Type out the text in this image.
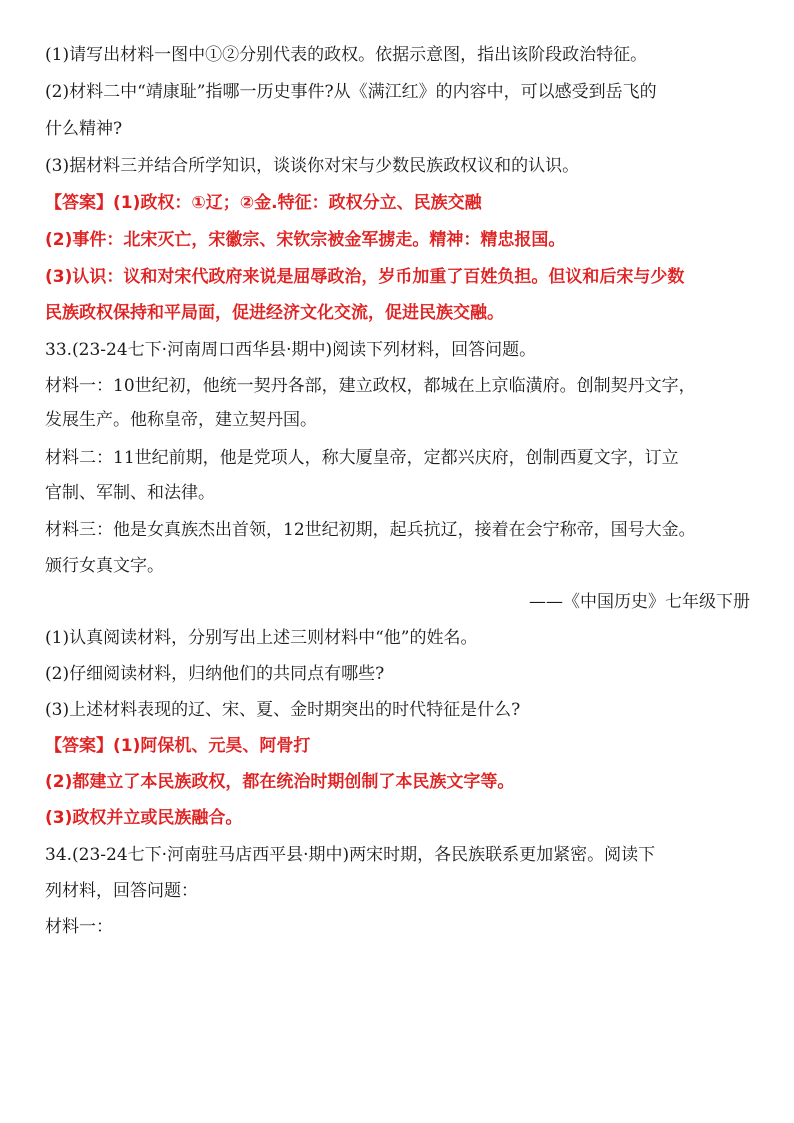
(1)请写出材料一图中①②分别代表的政权。依据示意图，指出该阶段政治特征。
(2)材料二中“靖康耻”指哪一历史事件?从《满江红》的内容中，可以感受到岳飞的
什么精神?
(3)据材料三并结合所学知识，谈谈你对宋与少数民族政权议和的认识。
【答案】(1)政权：①辽；②金.特征：政权分立、民族交融
(2)事件：北宋灭亡，宋徽宗、宋钦宗被金军掳走。精神：精忠报国。
(3)认识：议和对宋代政府来说是屈辱政治，岁币加重了百姓负担。但议和后宋与少数
民族政权保持和平局面，促进经济文化交流，促进民族交融。
33.(23-24七下·河南周口西华县·期中)阅读下列材料，回答问题。
材料一：10世纪初，他统一契丹各部，建立政权，都城在上京临潢府。创制契丹文字，
发展生产。他称皇帝，建立契丹国。
材料二：11世纪前期，他是党项人，称大厦皇帝，定都兴庆府，创制西夏文字，订立
官制、军制、和法律。
材料三：他是女真族杰出首领，12世纪初期，起兵抗辽，接着在会宁称帝，国号大金。
颁行女真文字。
——《中国历史》七年级下册
(1)认真阅读材料，分别写出上述三则材料中“他”的姓名。
(2)仔细阅读材料，归纳他们的共同点有哪些?
(3)上述材料表现的辽、宋、夏、金时期突出的时代特征是什么?
【答案】(1)阿保机、元昊、阿骨打
(2)都建立了本民族政权，都在统治时期创制了本民族文字等。
(3)政权并立或民族融合。
34.(23-24七下·河南驻马店西平县·期中)两宋时期，各民族联系更加紧密。阅读下
列材料，回答问题：
材料一：
